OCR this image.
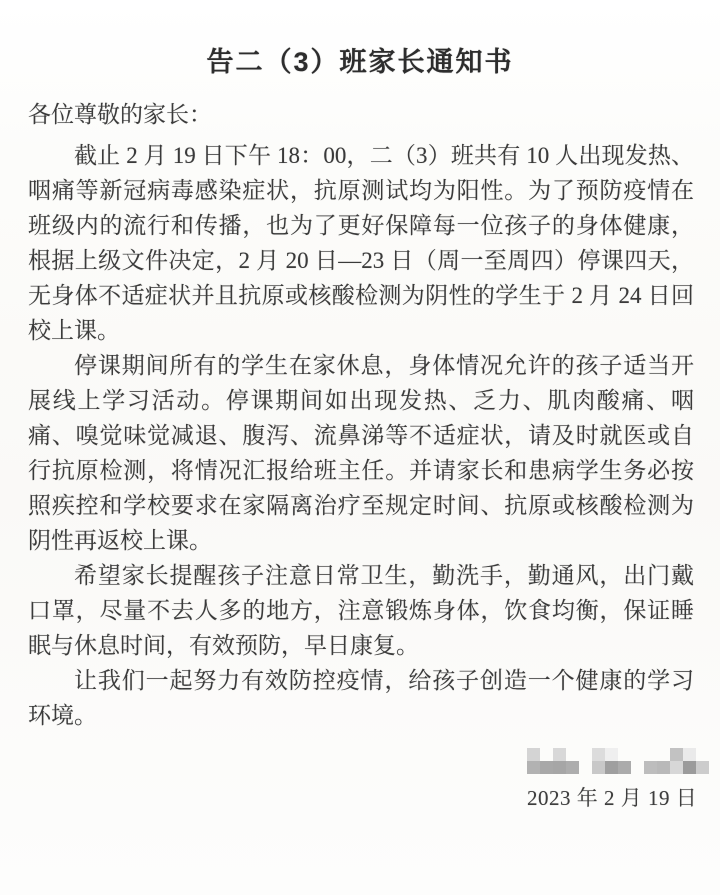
告二（3）班家长通知书

各位尊敬的家长：

截止 2 月 19 日下午 18：00，二（3）班共有 10 人出现发热、咽痛等新冠病毒感染症状，抗原测试均为阳性。为了预防疫情在班级内的流行和传播，也为了更好保障每一位孩子的身体健康，根据上级文件决定，2 月 20 日—23 日（周一至周四）停课四天，无身体不适症状并且抗原或核酸检测为阴性的学生于 2 月 24 日回校上课。

停课期间所有的学生在家休息，身体情况允许的孩子适当开展线上学习活动。停课期间如出现发热、乏力、肌肉酸痛、咽痛、嗅觉味觉减退、腹泻、流鼻涕等不适症状，请及时就医或自行抗原检测，将情况汇报给班主任。并请家长和患病学生务必按照疾控和学校要求在家隔离治疗至规定时间、抗原或核酸检测为阴性再返校上课。

希望家长提醒孩子注意日常卫生，勤洗手，勤通风，出门戴口罩，尽量不去人多的地方，注意锻炼身体，饮食均衡，保证睡眠与休息时间，有效预防，早日康复。

让我们一起努力有效防控疫情，给孩子创造一个健康的学习环境。

2023 年 2 月 19 日
